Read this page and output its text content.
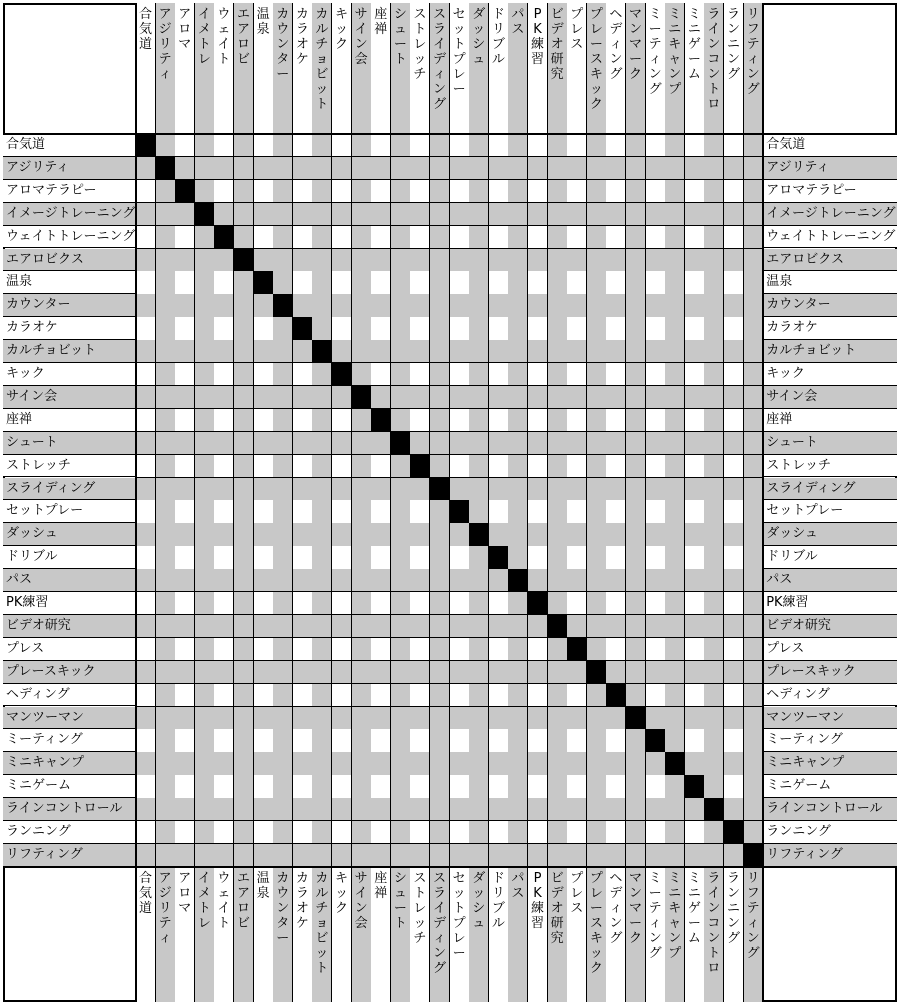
合
気
道
ア
ジ
リ
テ
ィ
ア
ロ
マ
イ
メ
ト
レ
ウ
ェ
イ
ト
エ
ア
ロ
ビ
温
泉
カ
ウ
ン
タ
ー
カ
ラ
オ
ケ
カ
ル
チ
ョ
ビ
ッ
ト
キ
ッ
ク
サ
イ
ン
会
座
禅
シ
ュ
ー
ト
ス
ト
レ
ッ
チ
ス
ラ
イ
デ
ィ
ン
グ
セ
ッ
ト
プ
レ
ー
ダ
ッ
シ
ュ
ド
リ
ブ
ル
パ
ス
P
K
練
習
ビ
デ
オ
研
究
プ
レ
ス
プ
レ
ー
ス
キ
ッ
ク
ヘ
デ
ィ
ン
グ
マ
ン
マ
ー
ク
ミ
ー
テ
ィ
ン
グ
ミ
ニ
キ
ャ
ン
プ
ミ
ニ
ゲ
ー
ム
ラ
イ
ン
コ
ン
ト
ロ
ラ
ン
ニ
ン
グ
リ
フ
テ
ィ
ン
グ
合
気
道
ア
ジ
リ
テ
ィ
ア
ロ
マ
イ
メ
ト
レ
ウ
ェ
イ
ト
エ
ア
ロ
ビ
温
泉
カ
ウ
ン
タ
ー
カ
ラ
オ
ケ
カ
ル
チ
ョ
ビ
ッ
ト
キ
ッ
ク
サ
イ
ン
会
座
禅
シ
ュ
ー
ト
ス
ト
レ
ッ
チ
ス
ラ
イ
デ
ィ
ン
グ
セ
ッ
ト
プ
レ
ー
ダ
ッ
シ
ュ
ド
リ
ブ
ル
パ
ス
P
K
練
習
ビ
デ
オ
研
究
プ
レ
ス
プ
レ
ー
ス
キ
ッ
ク
ヘ
デ
ィ
ン
グ
マ
ン
マ
ー
ク
ミ
ー
テ
ィ
ン
グ
ミ
ニ
キ
ャ
ン
プ
ミ
ニ
ゲ
ー
ム
ラ
イ
ン
コ
ン
ト
ロ
ラ
ン
ニ
ン
グ
リ
フ
テ
ィ
ン
グ
合気道
アジリティ
アロマテラピー
イメージトレーニング
ウェイトトレーニング
エアロビクス
温泉
カウンター
カラオケ
カルチョビット
キック
サイン会
座禅
シュート
ストレッチ
スライディング
セットプレー
ダッシュ
ドリブル
パス
PK練習
ビデオ研究
プレス
プレースキック
ヘディング
マンツーマン
ミーティング
ミニキャンプ
ミニゲーム
ラインコントロール
ランニング
リフティング
合気道
アジリティ
アロマテラピー
イメージトレーニング
ウェイトトレーニング
エアロビクス
温泉
カウンター
カラオケ
カルチョビット
キック
サイン会
座禅
シュート
ストレッチ
スライディング
セットプレー
ダッシュ
ドリブル
パス
PK練習
ビデオ研究
プレス
プレースキック
ヘディング
マンツーマン
ミーティング
ミニキャンプ
ミニゲーム
ラインコントロール
ランニング
リフティング
